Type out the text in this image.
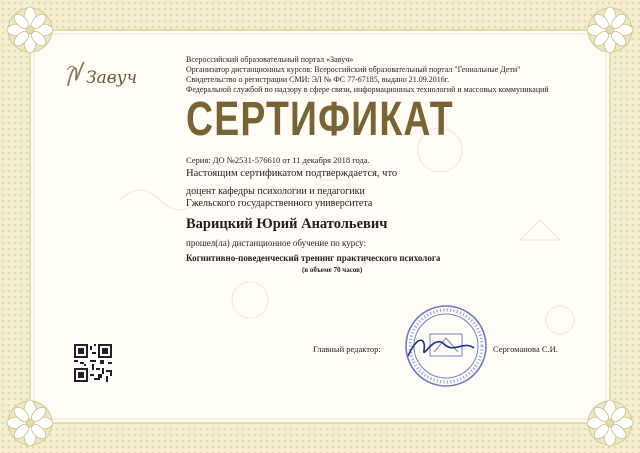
Завуч
Всероссийский образовательный портал «Завуч»
Организатор дистанционных курсов: Всероссийский образовательный портал "Гениальные Дети"
Свидетельство о регистрации СМИ: ЭЛ № ФС 77-67185, выдано 21.09.2016г.
Федеральной службой по надзору в сфере связи, информационных технологий и массовых коммуникаций
СЕРТИФИКАТ
Серия: ДО №2531-576610 от 11 декабря 2018 года.
Настоящим сертификатом подтверждается, что
доцент кафедры психологии и педагогики
Гжельского государственного университета
Варицкий Юрий Анатольевич
прошел(ла) дистанционное обучение по курсу:
Когнитивно-поведенческий тренинг практического психолога
(в объеме 70 часов)
Главный редактор:	Сергоманова С.И.
